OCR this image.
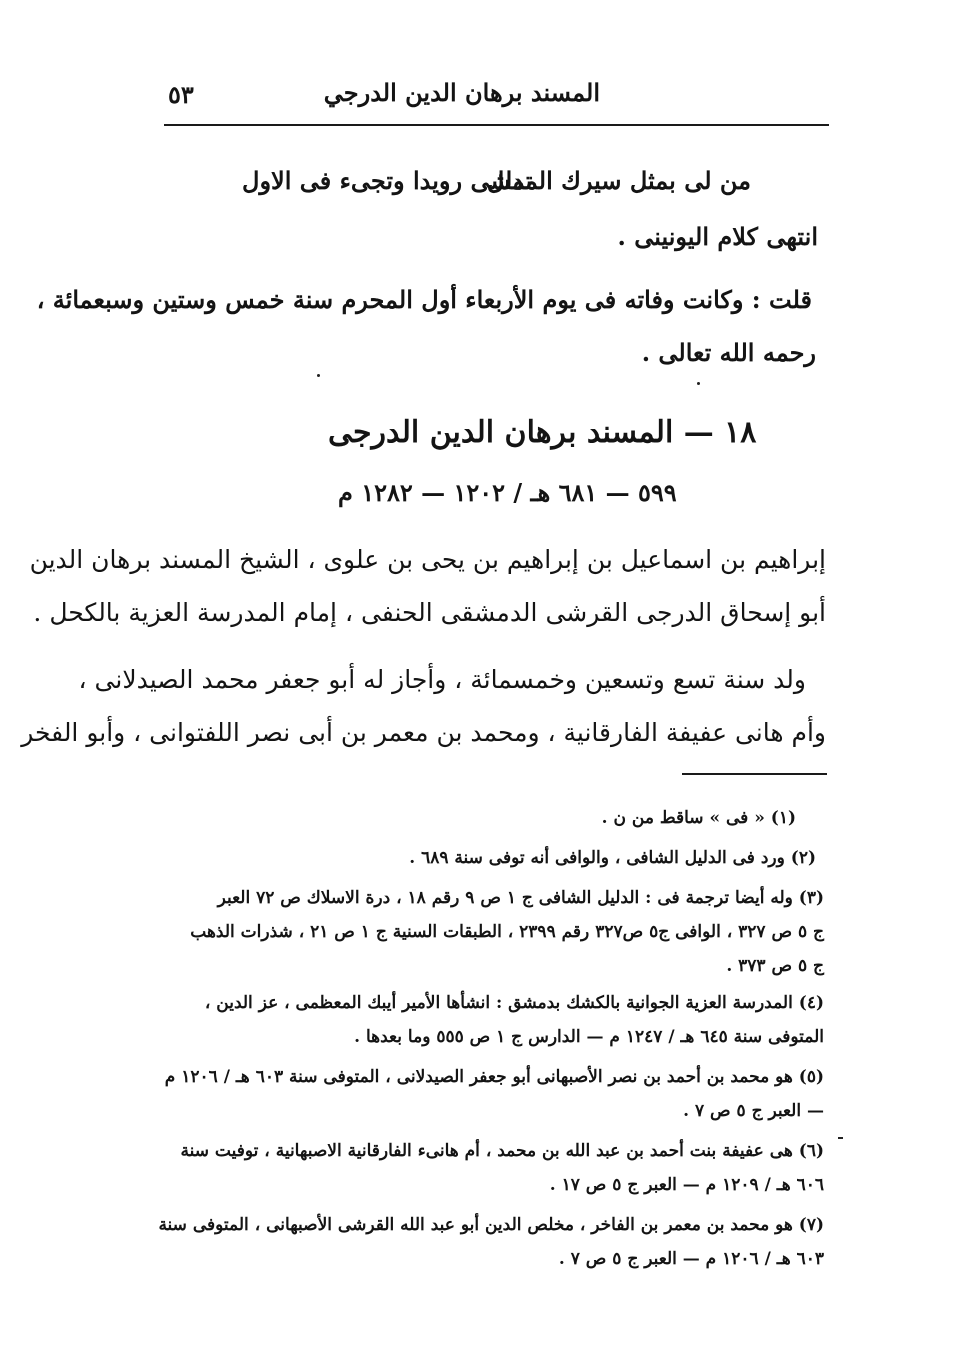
المسند برهان الدين الدرجي
٥٣
من لى بمثل سيرك المدلل
تمشى رويدا وتجىء فى الاول
انتهى كلام اليونينى .
قلت : وكانت وفاته فى يوم الأربعاء أول المحرم سنة خمس وستين وسبعمائة ،
رحمه الله تعالى .
١٨ — المسند برهان الدين الدرجى
٥٩٩ — ٦٨١ هـ / ١٢٠٢ — ١٢٨٢ م
إبراهيم بن اسماعيل بن إبراهيم بن يحى بن علوى ، الشيخ المسند برهان الدين
أبو إسحاق الدرجى القرشى الدمشقى الحنفى ، إمام المدرسة العزية بالكحل .
ولد سنة تسع وتسعين وخمسمائة ، وأجاز له أبو جعفر محمد الصيدلانى ،
وأم هانى عفيفة الفارقانية ، ومحمد بن معمر بن أبى نصر اللفتوانى ، وأبو الفخر
(١) « فى » ساقط من ن .
(٢) ورد فى الدليل الشافى ، والوافى أنه توفى سنة ٦٨٩ .
(٣) وله أيضا ترجمة فى : الدليل الشافى ج ١ ص ٩ رقم ١٨ ، درة الاسلاك ص ٧٢ العبر
ج ٥ ص ٣٢٧ ، الوافى ج٥ ص٣٢٧ رقم ٢٣٩٩ ، الطبقات السنية ج ١ ص ٢١ ، شذرات الذهب
ج ٥ ص ٣٧٣ .
(٤) المدرسة العزية الجوانية بالكشك بدمشق : انشأها الأمير أيبك المعظمى ، عز الدين ،
المتوفى سنة ٦٤٥ هـ / ١٢٤٧ م — الدارس ج ١ ص ٥٥٥ وما بعدها .
(٥) هو محمد بن أحمد بن نصر الأصبهانى أبو جعفر الصيدلانى ، المتوفى سنة ٦٠٣ هـ / ١٢٠٦ م
— العبر ج ٥ ص ٧ .
(٦) هى عفيفة بنت أحمد بن عبد الله بن محمد ، أم هانىء الفارقانية الاصبهانية ، توفيت سنة
٦٠٦ هـ / ١٢٠٩ م — العبر ج ٥ ص ١٧ .
(٧) هو محمد بن معمر بن الفاخر ، مخلص الدين أبو عبد الله القرشى الأصبهانى ، المتوفى سنة
٦٠٣ هـ / ١٢٠٦ م — العبر ج ٥ ص ٧ .
